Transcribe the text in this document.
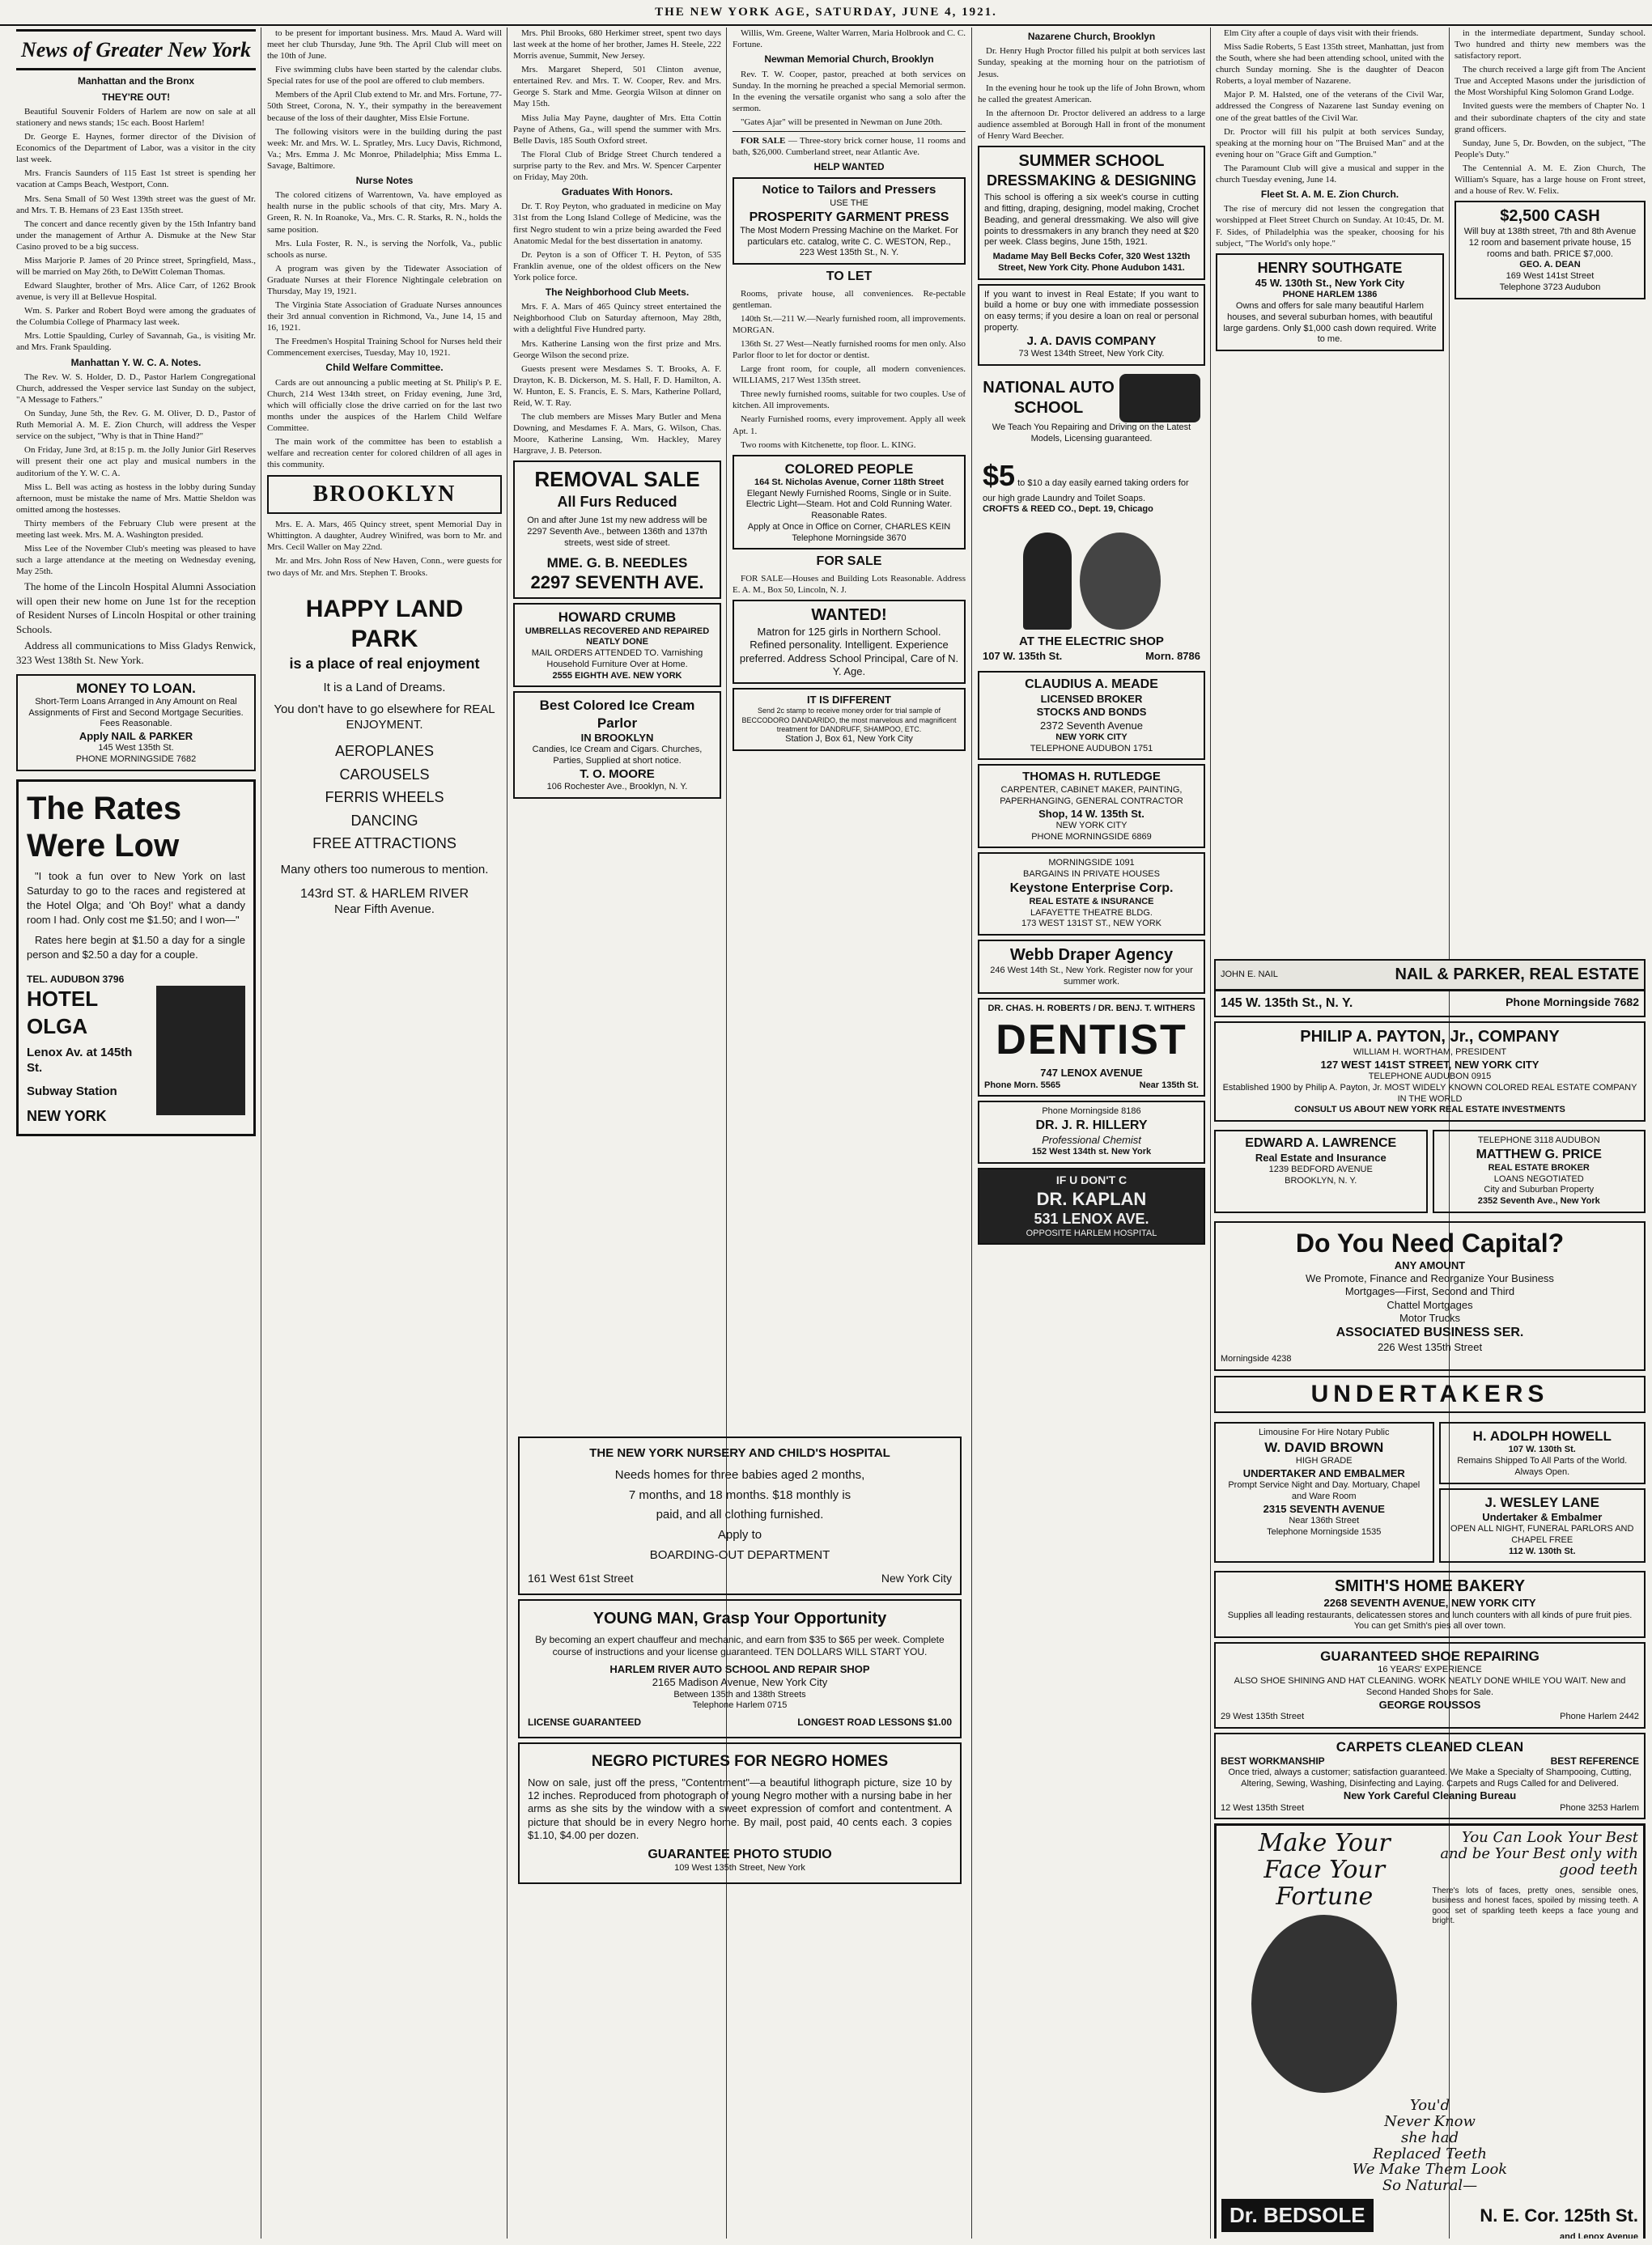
THE NEW YORK AGE, SATURDAY, JUNE 4, 1921.
News of Greater New York
Manhattan and the Bronx
THEY'RE OUT!

Beautiful Souvenir Folders of Harlem are now on sale at all stationery and news stands; 15c each. Boost Harlem!

Dr. George E. Haynes, former director of the Division of Economics of the Department of Labor, was a visitor in the city last week.

Mrs. Francis Saunders of 115 East 1st street is spending her vacation at Camps Beach, Westport, Conn.

Mrs. Sena Small of 50 West 139th street was the guest of Mr. and Mrs. T. B. Hemans of 23 East 135th street.

The concert and dance recently given by the 15th Infantry band under the management of Arthur A. Dismuke at the New Star Casino proved to be a big success.

Miss Marjorie P. James of 20 Prince street, Springfield, Mass., will be married on May 26th, to DeWitt Coleman Thomas.

Edward Slaughter, brother of Mrs. Alice Carr, of 1262 Brook avenue, is very ill at Bellevue Hospital.

Wm. S. Parker and Robert Boyd were among the graduates of the Columbia College of Pharmacy last week.

Mrs. Lottie Spaulding, Curley of Savannah, Ga., is visiting Mr. and Mrs. Frank Spaulding.

Manhattan Y. W. C. A. Notes.

The Rev. W. S. Holder, D. D., Pastor Harlem Congregational Church, addressed the Vesper service last Sunday on the subject, "A Message to Fathers."

On Sunday, June 5th, the Rev. G. M. Oliver, D. D., Pastor of Ruth Memorial A. M. E. Zion Church, will address the Vesper service on the subject, "Why is that in Thine Hand?"

On Friday, June 3rd, at 8:15 p. m. the Jolly Junior Girl Reserves will present their one act play and musical numbers in the auditorium of the Y. W. C. A.

Miss L. Bell was acting as hostess in the lobby during Sunday afternoon, must be mistake the name of Mrs. Mattie Sheldon was omitted among the hostesses.

Thirty members of the February Club were present at the meeting last week. Mrs. M. A. Washington presided.

Miss Lee of the November Club's meeting was pleased to have such a large attendance at the meeting on Wednesday evening, May 25th.

The home of the Lincoln Hospital Alumni Association will open their new home on June 1st for the reception of Resident Nurses of Lincoln Hospital or other training Schools.

Address all communications to Miss Gladys Renwick, 323 West 138th St. New York.

MONEY TO LOAN.
Short-Term Loans Arranged in Any Amount on Real Assignments of First and Second Mortgage Securities. Fees Reasonable.
Apply NAIL & PARKER
145 West 135th St.
PHONE MORNINGSIDE 7682
The Rates
Were Low

"I took a fun over to New York on last Saturday to go to the races and registered at the Hotel Olga; and 'Oh Boy!' what a dandy room I had. Only cost me $1.50; and I won—"

Rates here begin at $1.50 a day for a single person and $2.50 a day for a couple.

TEL. AUDUBON 3796
HOTEL OLGA
Lenox Av. at 145th St.
Subway Station
NEW YORK

to be present for important business. Mrs. Maud A. Ward will meet her club Thursday, June 9th. The April Club will meet on the 10th of June.

Five swimming clubs have been started by the calendar clubs. Special rates for use of the pool are offered to club members.

Members of the April Club extend to Mr. and Mrs. Fortune, 77-50th Street, Corona, N. Y., their sympathy in the bereavement because of the loss of their daughter, Miss Elsie Fortune.

The following visitors were in the building during the past week: Mr. and Mrs. W. L. Spratley, Mrs. Lucy Davis, Richmond, Va.; Mrs. Emma J. Mc Monroe, Philadelphia; Miss Emma L. Savage, Baltimore.

Nurse Notes

The colored citizens of Warrentown, Va. have employed as health nurse in the public schools of that city, Mrs. Mary A. Green, R. N. In Roanoke, Va., Mrs. C. R. Starks, R. N., holds the same position.

Mrs. Lula Foster, R. N., is serving the Norfolk, Va., public schools as nurse.

A program was given by the Tidewater Association of Graduate Nurses at their Florence Nightingale celebration on Thursday, May 19, 1921.

The Virginia State Association of Graduate Nurses announces their 3rd annual convention in Richmond, Va., June 14, 15 and 16, 1921.

The Freedmen's Hospital Training School for Nurses held their Commencement exercises, Tuesday, May 10, 1921.

Child Welfare Committee.

Cards are out announcing a public meeting at St. Philip's P. E. Church, 214 West 134th street, on Friday evening, June 3rd, which will officially close the drive carried on for the last two months under the auspices of the Harlem Child Welfare Committee.

The main work of the committee has been to establish a welfare and recreation center for colored children of all ages in this community.

BROOKLYN

Mrs. E. A. Mars, 465 Quincy street, spent Memorial Day in Whittington. A daughter, Audrey Winifred, was born to Mr. and Mrs. Cecil Waller on May 22nd.

Mr. and Mrs. John Ross of New Haven, Conn., were guests for two days of Mr. and Mrs. Stephen T. Brooks.

HAPPY LAND PARK
is a place of real enjoyment
It is a Land of Dreams.
You don't have to go elsewhere for REAL ENJOYMENT.
AEROPLANES
CAROUSELS
FERRIS WHEELS
DANCING
FREE ATTRACTIONS
Many others too numerous to mention.
143rd ST. & HARLEM RIVER
Near Fifth Avenue.

Mrs. Phil Brooks, 680 Herkimer street, spent two days last week at the home of her brother, James H. Steele, 222 Morris avenue, Summit, New Jersey.

Mrs. Margaret Sheperd, 501 Clinton avenue, entertained Rev. and Mrs. T. W. Cooper, Rev. and Mrs. George S. Stark and Mme. Georgia Wilson at dinner on May 15th.

Miss Julia May Payne, daughter of Mrs. Etta Cottin Payne of Athens, Ga., will spend the summer with Mrs. Belle Davis, 185 South Oxford street.

The Floral Club of Bridge Street Church tendered a surprise party to the Rev. and Mrs. W. Spencer Carpenter on Friday, May 20th.

Graduates With Honors.

Dr. T. Roy Peyton, who graduated in medicine on May 31st from the Long Island College of Medicine, was the first Negro student to win a prize being awarded the Feed Anatomic Medal for the best dissertation in anatomy.

Dr. Peyton is a son of Officer T. H. Peyton, of 535 Franklin avenue, one of the oldest officers on the New York police force.

The Neighborhood Club Meets.

Mrs. F. A. Mars of 465 Quincy street entertained the Neighborhood Club on Saturday afternoon, May 28th, with a delightful Five Hundred party.

Mrs. Katherine Lansing won the first prize and Mrs. George Wilson the second prize.

Guests present were Mesdames S. T. Brooks, A. F. Drayton, K. B. Dickerson, M. S. Hall, F. D. Hamilton, A. W. Hunton, E. S. Francis, E. S. Mars, Katherine Pollard, Reid, W. T. Ray.

The club members are Misses Mary Butler and Mena Downing, and Mesdames F. A. Mars, G. Wilson, Chas. Moore, Katherine Lansing, Wm. Hackley, Marey Hargrave, J. B. Peterson.

REMOVAL SALE
All Furs Reduced
On and after June 1st my new address will be 2297 Seventh Ave., between 136th and 137th streets, west side of street.
MME. G. B. NEEDLES
2297 SEVENTH AVE.
HOWARD CRUMB
UMBRELLAS RECOVERED AND REPAIRED NEATLY DONE
MAIL ORDERS ATTENDED TO. Varnishing Household Furniture Over at Home.
2555 EIGHTH AVE. NEW YORK
Best Colored Ice Cream Parlor
IN BROOKLYN
Candies, Ice Cream and Cigars. Churches, Parties, Supplied at short notice.
T. O. MOORE
106 Rochester Ave., Brooklyn, N. Y.

Willis, Wm. Greene, Walter Warren, Maria Holbrook and C. C. Fortune.

Newman Memorial Church, Brooklyn

Rev. T. W. Cooper, pastor, preached at both services on Sunday. In the morning he preached a special Memorial sermon. In the evening the versatile organist who sang a solo after the sermon.

"Gates Ajar" will be presented in Newman on June 20th.

FOR SALE — Three-story brick corner house, 11 rooms and bath, $26,000. Cumberland street, near Atlantic Ave.

HELP WANTED
Notice to Tailors and Pressers
USE THE
PROSPERITY GARMENT PRESS
The Most Modern Pressing Machine on the Market. For particulars etc. catalog, write C. C. WESTON, Rep., 223 West 135th St., N. Y.
TO LET

Rooms, private house, all conveniences. Re-pectable gentleman.

140th St.—211 W.—Nearly furnished room, all improvements. MORGAN.

136th St. 27 West—Neatly furnished rooms for men only. Also Parlor floor to let for doctor or dentist.

Large front room, for couple, all modern conveniences. WILLIAMS, 217 West 135th street.

Three newly furnished rooms, suitable for two couples. Use of kitchen. All improvements.

Nearly Furnished rooms, every improvement. Apply all week Apt. 1.

Two rooms with Kitchenette, top floor. L. KING.

COLORED PEOPLE
164 St. Nicholas Avenue, Corner 118th Street
Elegant Newly Furnished Rooms, Single or in Suite. Electric Light—Steam. Hot and Cold Running Water. Reasonable Rates.
Apply at Once in Office on Corner, CHARLES KEIN
Telephone Morningside 3670
FOR SALE

FOR SALE—Houses and Building Lots Reasonable. Address E. A. M., Box 50, Lincoln, N. J.

WANTED!
Matron for 125 girls in Northern School. Refined personality. Intelligent. Experience preferred. Address School Principal, Care of N. Y. Age.
IT IS DIFFERENT
Send 2c stamp to receive money order for trial sample of BECCODORO DANDARIDO, the most marvelous and magnificent treatment for DANDRUFF, SHAMPOO, ETC.
Station J, Box 61, New York City
THE NEW YORK NURSERY AND CHILD'S HOSPITAL
Needs homes for three babies aged 2 months,
7 months, and 18 months. $18 monthly is
paid, and all clothing furnished.
Apply to
BOARDING-OUT DEPARTMENT
161 West 61st Street	New York City
YOUNG MAN, Grasp Your Opportunity
By becoming an expert chauffeur and mechanic, and earn from $35 to $65 per week. Complete course of instructions and your license guaranteed. TEN DOLLARS WILL START YOU.
HARLEM RIVER AUTO SCHOOL AND REPAIR SHOP
2165 Madison Avenue, New York City
Between 135th and 138th Streets
Telephone Harlem 0715
LICENSE GUARANTEED	LONGEST ROAD LESSONS $1.00
NEGRO PICTURES FOR NEGRO HOMES
Now on sale, just off the press, "Contentment"—a beautiful lithograph picture, size 10 by 12 inches. Reproduced from photograph of young Negro mother with a nursing babe in her arms as she sits by the window with a sweet expression of comfort and contentment. A picture that should be in every Negro home. By mail, post paid, 40 cents each. 3 copies $1.10, $4.00 per dozen.
GUARANTEE PHOTO STUDIO
109 West 135th Street, New York
Nazarene Church, Brooklyn

Dr. Henry Hugh Proctor filled his pulpit at both services last Sunday, speaking at the morning hour on the patriotism of Jesus.

In the evening hour he took up the life of John Brown, whom he called the greatest American.

In the afternoon Dr. Proctor delivered an address to a large audience assembled at Borough Hall in front of the monument of Henry Ward Beecher.

SUMMER SCHOOL
DRESSMAKING & DESIGNING
This school is offering a six week's course in cutting and fitting, draping, designing, model making, Crochet Beading, and general dressmaking. We also will give points to dressmakers in any branch they need at $20 per week. Class begins, June 15th, 1921.
Madame May Bell Becks Cofer, 320 West 132th Street, New York City. Phone Audubon 1431.
If you want to invest in Real Estate; If you want to build a home or buy one with immediate possession on easy terms; if you desire a loan on real or personal property.
J. A. DAVIS COMPANY
73 West 134th Street, New York City.
NATIONAL AUTO SCHOOL
We Teach You Repairing and Driving on the Latest Models, Licensing guaranteed.
$5 to $10 a day easily earned taking orders for our high grade Laundry and Toilet Soaps.
CROFTS & REED CO., Dept. 19, Chicago
AT THE ELECTRIC SHOP
107 W. 135th St.	Morn. 8786
CLAUDIUS A. MEADE
LICENSED BROKER
STOCKS AND BONDS
2372 Seventh Avenue
NEW YORK CITY
TELEPHONE AUDUBON 1751
THOMAS H. RUTLEDGE
CARPENTER, CABINET MAKER, PAINTING, PAPERHANGING, GENERAL CONTRACTOR
Shop, 14 W. 135th St.
NEW YORK CITY
PHONE MORNINGSIDE 6869
MORNINGSIDE 1091
BARGAINS IN PRIVATE HOUSES
Keystone Enterprise Corp.
REAL ESTATE & INSURANCE
LAFAYETTE THEATRE BLDG.
173 WEST 131ST ST., NEW YORK
Webb Draper Agency
246 West 14th St., New York. Register now for your summer work.
DR. CHAS. H. ROBERTS / DR. BENJ. T. WITHERS
DENTIST
747 LENOX AVENUE
Phone Morn. 5565	Near 135th St.
Phone Morningside 8186
DR. J. R. HILLERY
Professional Chemist
152 West 134th st. New York
IF U DON'T C
DR. KAPLAN
531 LENOX AVE.
OPPOSITE HARLEM HOSPITAL

Elm City after a couple of days visit with their friends.

Miss Sadie Roberts, 5 East 135th street, Manhattan, just from the South, where she had been attending school, united with the church Sunday morning. She is the daughter of Deacon Roberts, a loyal member of Nazarene.

Major P. M. Halsted, one of the veterans of the Civil War, addressed the Congress of Nazarene last Sunday evening on one of the great battles of the Civil War.

Dr. Proctor will fill his pulpit at both services Sunday, speaking at the morning hour on "The Bruised Man" and at the evening hour on "Grace Gift and Gumption."

The Paramount Club will give a musical and supper in the church Tuesday evening, June 14.

Fleet St. A. M. E. Zion Church.

The rise of mercury did not lessen the congregation that worshipped at Fleet Street Church on Sunday. At 10:45, Dr. M. F. Sides, of Philadelphia was the speaker, choosing for his subject, "The World's only hope."

HENRY SOUTHGATE
45 W. 130th St., New York City
PHONE HARLEM 1386
Owns and offers for sale many beautiful Harlem houses, and several suburban homes, with beautiful large gardens. Only $1,000 cash down required. Write to me.

in the intermediate department, Sunday school. Two hundred and thirty new members was the satisfactory report.

The church received a large gift from The Ancient True and Accepted Masons under the jurisdiction of the Most Worshipful King Solomon Grand Lodge.

Invited guests were the members of Chapter No. 1 and their subordinate chapters of the city and state grand officers.

Sunday, June 5, Dr. Bowden, on the subject, "The People's Duty."

The Centennial A. M. E. Zion Church, The William's Square, has a large house on Front street, and a house of Rev. W. Felix.

$2,500 CASH
Will buy at 138th street, 7th and 8th Avenue 12 room and basement private house, 15 rooms and bath. PRICE $7,000.
GEO. A. DEAN
169 West 141st Street
Telephone 3723 Audubon
JOHN E. NAIL	NAIL & PARKER, REAL ESTATE
145 W. 135th St., N. Y.	Phone Morningside 7682
PHILIP A. PAYTON, Jr., COMPANY
WILLIAM H. WORTHAM, PRESIDENT
127 WEST 141ST STREET, NEW YORK CITY
TELEPHONE AUDUBON 0915
Established 1900 by Philip A. Payton, Jr. MOST WIDELY KNOWN COLORED REAL ESTATE COMPANY IN THE WORLD
CONSULT US ABOUT NEW YORK REAL ESTATE INVESTMENTS
EDWARD A. LAWRENCE
Real Estate and Insurance
1239 BEDFORD AVENUE
BROOKLYN, N. Y.
TELEPHONE 3118 AUDUBON
MATTHEW G. PRICE
REAL ESTATE BROKER
LOANS NEGOTIATED
City and Suburban Property
2352 Seventh Ave., New York
Do You Need Capital?
ANY AMOUNT
We Promote, Finance and Reorganize Your Business
Mortgages—First, Second and Third
Chattel Mortgages
Motor Trucks
ASSOCIATED BUSINESS SER.
226 West 135th Street
Morningside 4238
UNDERTAKERS
Limousine For Hire Notary Public
W. DAVID BROWN
HIGH GRADE
UNDERTAKER AND EMBALMER
Prompt Service Night and Day. Mortuary, Chapel and Ware Room
2315 SEVENTH AVENUE
Near 136th Street
Telephone Morningside 1535
H. ADOLPH HOWELL
107 W. 130th St.
Remains Shipped To All Parts of the World. Always Open.
J. WESLEY LANE
Undertaker & Embalmer
OPEN ALL NIGHT, FUNERAL PARLORS AND CHAPEL FREE
112 W. 130th St.
SMITH'S HOME BAKERY
2268 SEVENTH AVENUE, NEW YORK CITY
Supplies all leading restaurants, delicatessen stores and lunch counters with all kinds of pure fruit pies. You can get Smith's pies all over town.
GUARANTEED SHOE REPAIRING
16 YEARS' EXPERIENCE
ALSO SHOE SHINING AND HAT CLEANING. WORK NEATLY DONE WHILE YOU WAIT. New and Second Handed Shoes for Sale.
GEORGE ROUSSOS
29 West 135th Street	Phone Harlem 2442
CARPETS CLEANED CLEAN
BEST WORKMANSHIP	BEST REFERENCE
Once tried, always a customer; satisfaction guaranteed. We Make a Specialty of Shampooing, Cutting, Altering, Sewing, Washing, Disinfecting and Laying. Carpets and Rugs Called for and Delivered.
New York Careful Cleaning Bureau
12 West 135th Street	Phone 3253 Harlem
Make Your
Face Your
Fortune
You Can Look Your Best and be Your Best only with good teeth
There's lots of faces, pretty ones, sensible ones, business and honest faces, spoiled by missing teeth. A good set of sparkling teeth keeps a face young and bright.
You'd
Never Know
she had
Replaced Teeth
We Make Them Look
So Natural—
Dr. BEDSOLE	N. E. Cor. 125th St.
and Lenox Avenue
